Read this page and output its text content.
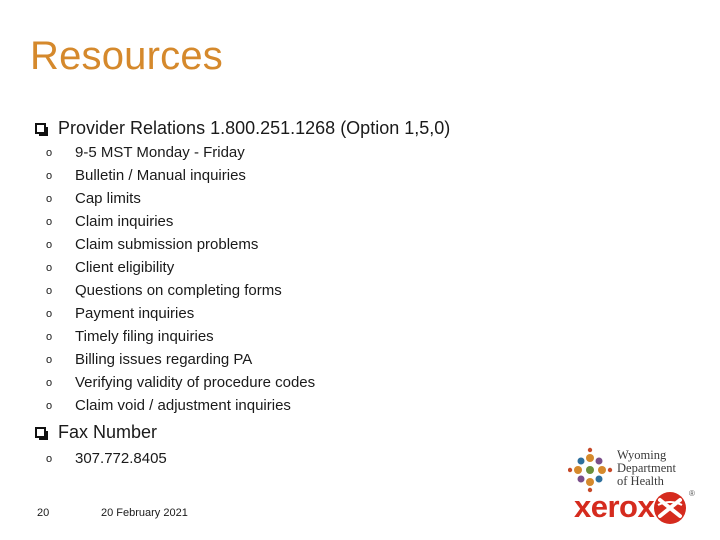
Resources
Provider Relations 1.800.251.1268 (Option 1,5,0)
o	9-5 MST Monday - Friday
o	Bulletin / Manual inquiries
o	Cap limits
o	Claim inquiries
o	Claim submission problems
o	Client eligibility
o	Questions on completing forms
o	Payment inquiries
o	Timely filing inquiries
o	Billing issues regarding PA
o	Verifying validity of procedure codes
o	Claim void / adjustment inquiries
Fax Number
o	307.772.8405
20	20 February 2021
Wyoming
Department
of Health
xerox	®
